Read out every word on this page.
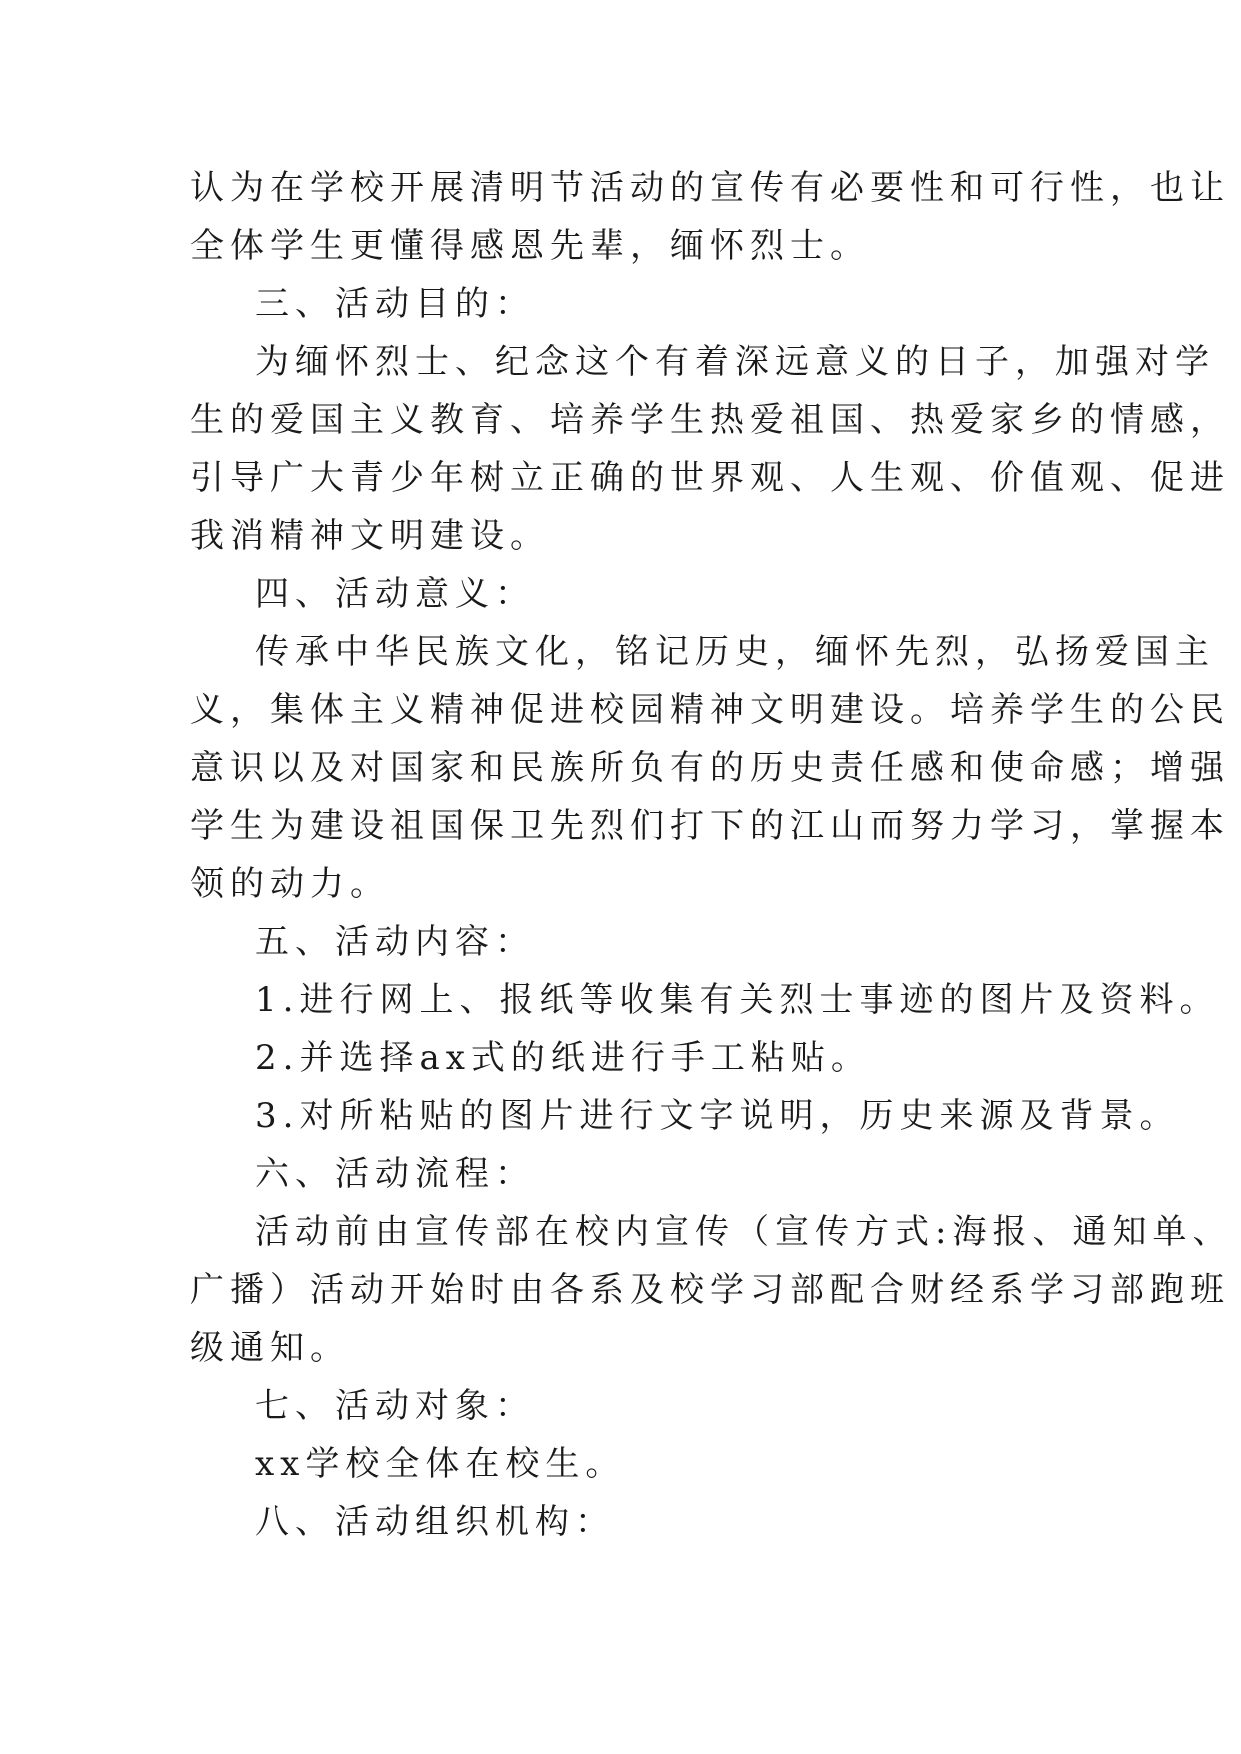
认为在学校开展清明节活动的宣传有必要性和可行性，也让
全体学生更懂得感恩先辈，缅怀烈士。
三、活动目的：
为缅怀烈士、纪念这个有着深远意义的日子，加强对学
生的爱国主义教育、培养学生热爱祖国、热爱家乡的情感，
引导广大青少年树立正确的世界观、人生观、价值观、促进
我消精神文明建设。
四、活动意义：
传承中华民族文化，铭记历史，缅怀先烈，弘扬爱国主
义，集体主义精神促进校园精神文明建设。培养学生的公民
意识以及对国家和民族所负有的历史责任感和使命感；增强
学生为建设祖国保卫先烈们打下的江山而努力学习，掌握本
领的动力。
五、活动内容：
1.进行网上、报纸等收集有关烈士事迹的图片及资料。
2.并选择ax式的纸进行手工粘贴。
3.对所粘贴的图片进行文字说明，历史来源及背景。
六、活动流程：
活动前由宣传部在校内宣传（宣传方式:海报、通知单、
广播）活动开始时由各系及校学习部配合财经系学习部跑班
级通知。
七、活动对象：
xx学校全体在校生。
八、活动组织机构：
